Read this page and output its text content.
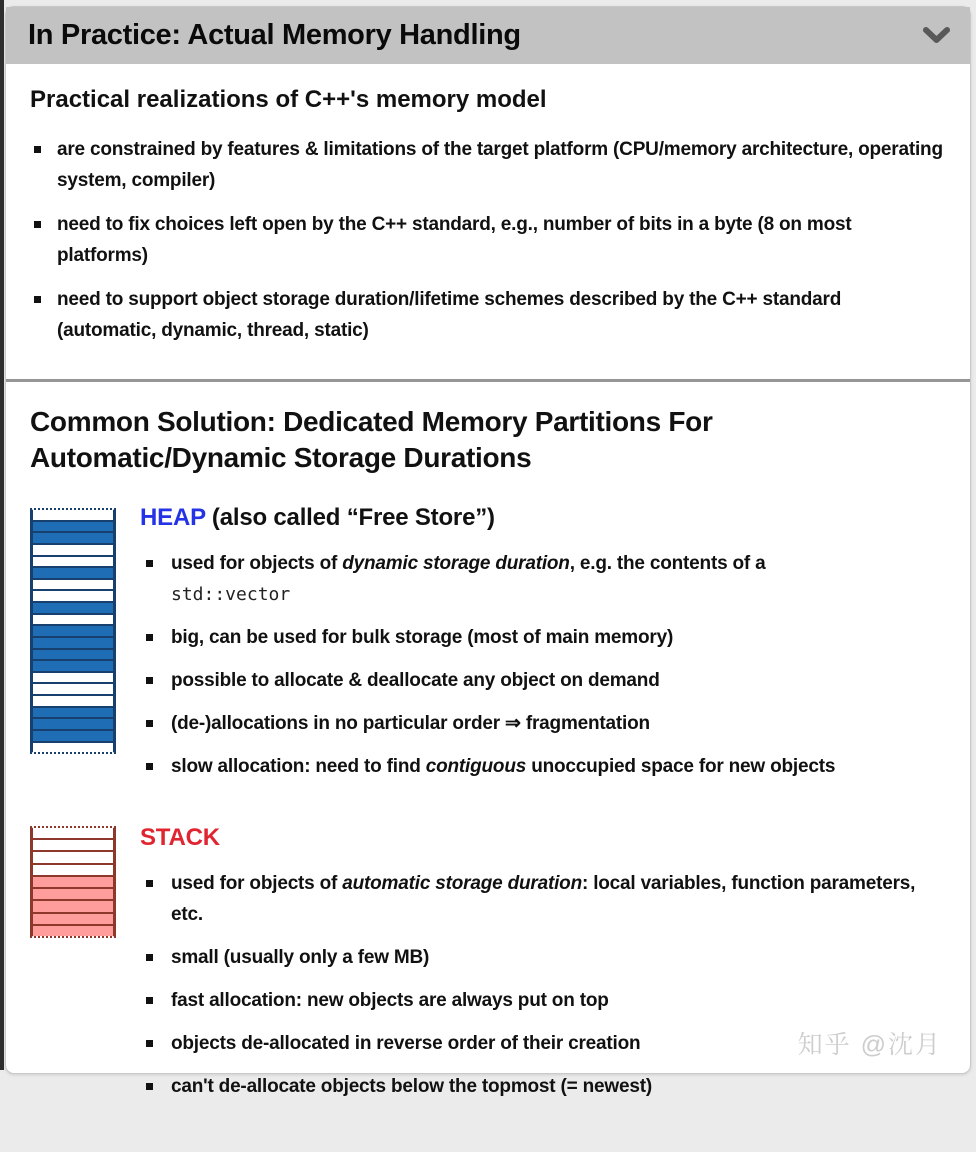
In Practice: Actual Memory Handling
Practical realizations of C++'s memory model
are constrained by features & limitations of the target platform (CPU/memory architecture, operating system, compiler)
need to fix choices left open by the C++ standard, e.g., number of bits in a byte (8 on most platforms)
need to support object storage duration/lifetime schemes described by the C++ standard (automatic, dynamic, thread, static)
Common Solution: Dedicated Memory Partitions For
Automatic/Dynamic Storage Durations
HEAP (also called “Free Store”)
used for objects of dynamic storage duration, e.g. the contents of a
std::vector
big, can be used for bulk storage (most of main memory)
possible to allocate & deallocate any object on demand
(de-)allocations in no particular order ⇒ fragmentation
slow allocation: need to find contiguous unoccupied space for new objects
STACK
used for objects of automatic storage duration: local variables, function parameters, etc.
small (usually only a few MB)
fast allocation: new objects are always put on top
objects de-allocated in reverse order of their creation
can't de-allocate objects below the topmost (= newest)
知乎 @沈月
